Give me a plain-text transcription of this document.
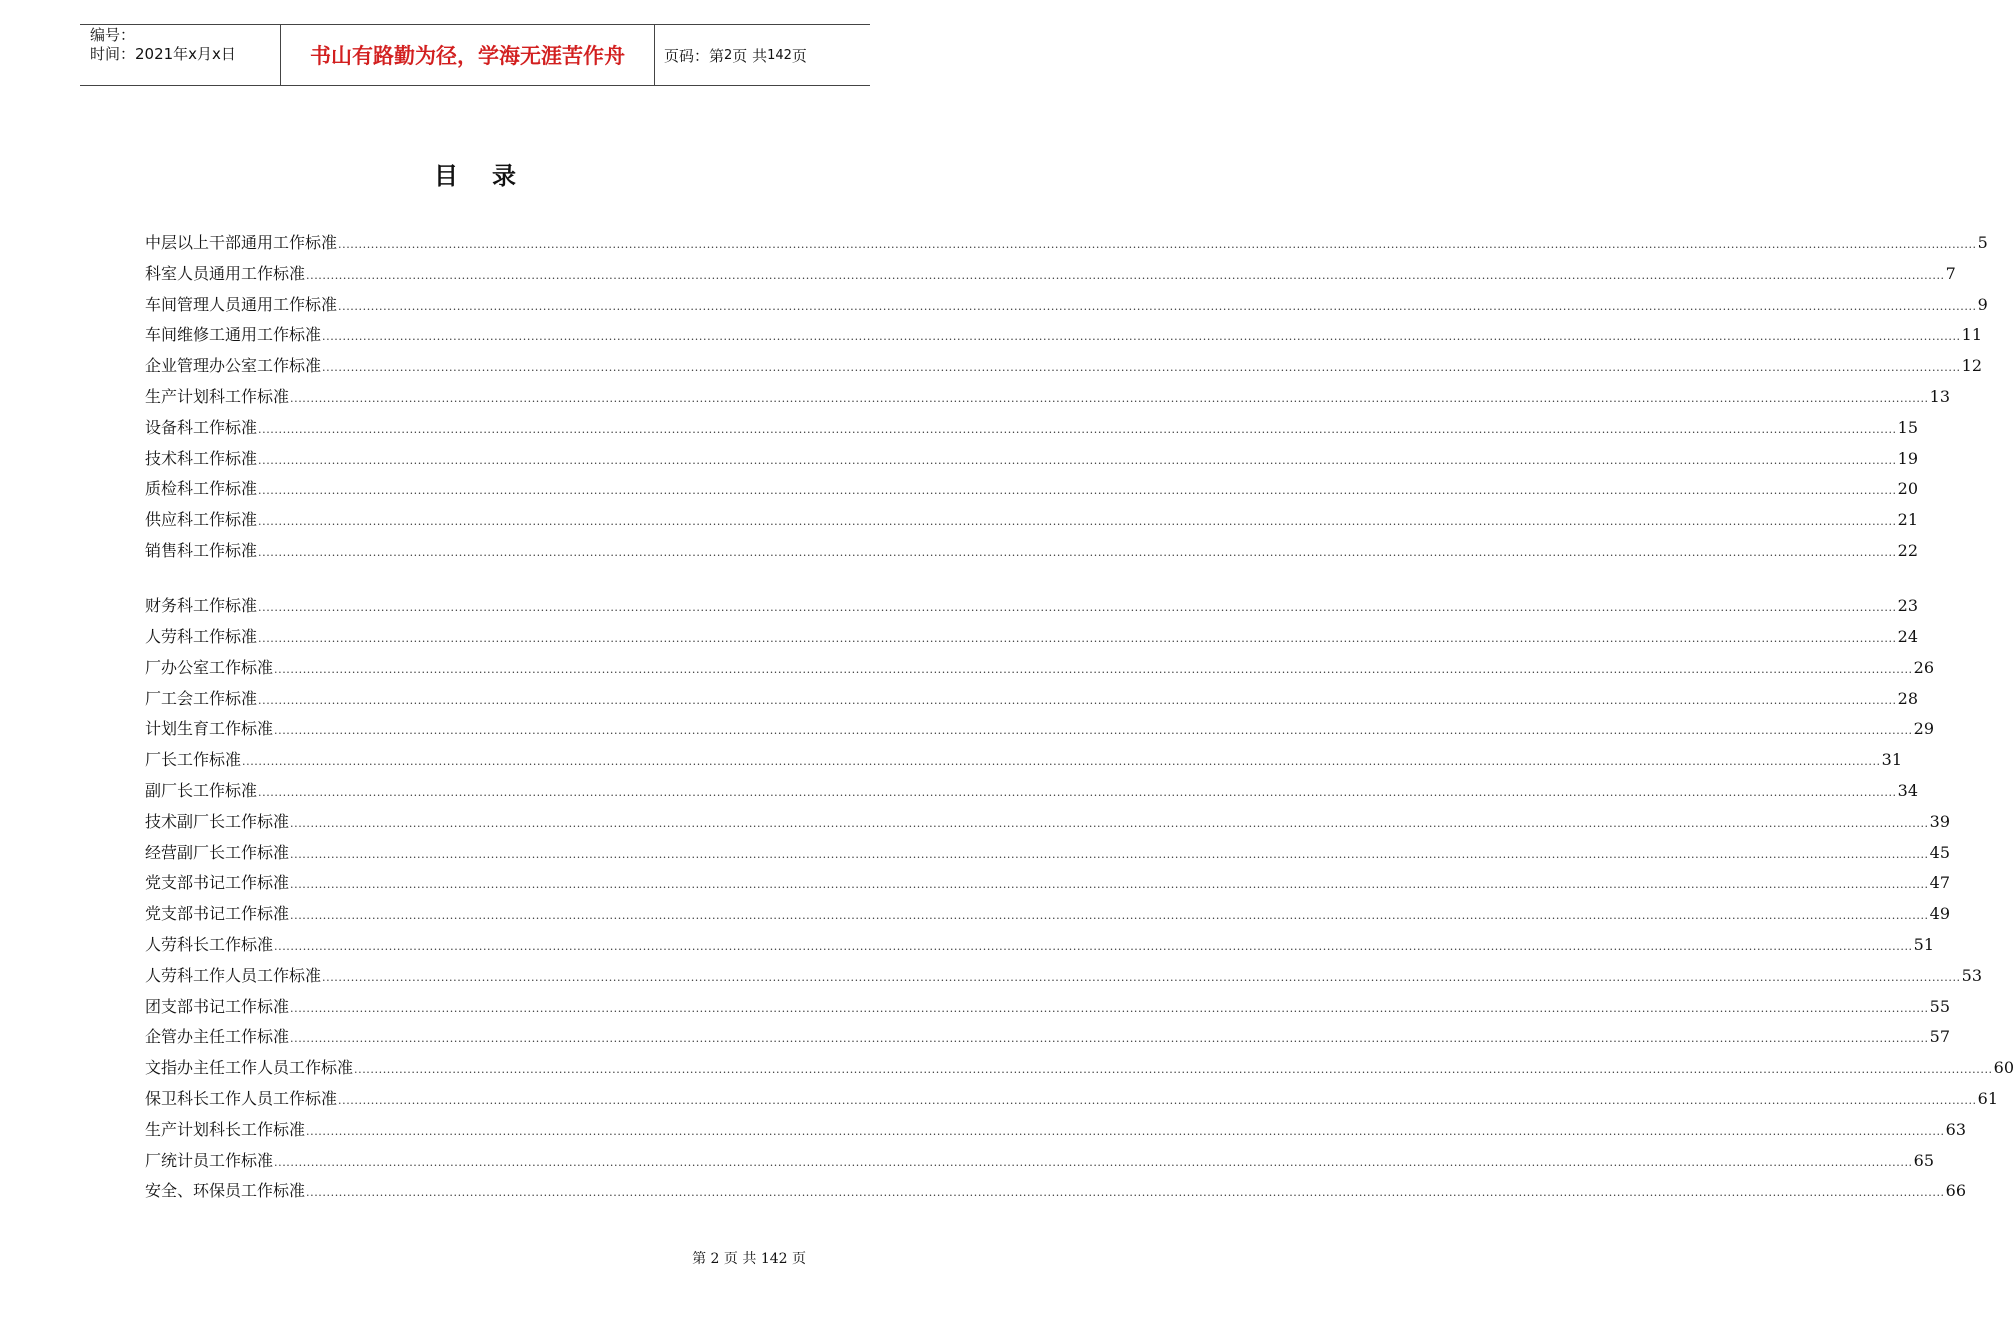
编号：
时间：2021年x月x日	书山有路勤为径，学海无涯苦作舟	页码：第 2 页 共 142 页
目录
中层以上干部通用工作标准 ................................................................................................................................................................................................................................................................................................................................................................................................................ 5
科室人员通用工作标准 ................................................................................................................................................................................................................................................................................................................................................................................................................ 7
车间管理人员通用工作标准 ................................................................................................................................................................................................................................................................................................................................................................................................................ 9
车间维修工通用工作标准 ................................................................................................................................................................................................................................................................................................................................................................................................................ 11
企业管理办公室工作标准 ................................................................................................................................................................................................................................................................................................................................................................................................................ 12
生产计划科工作标准 ................................................................................................................................................................................................................................................................................................................................................................................................................ 13
设备科工作标准 ................................................................................................................................................................................................................................................................................................................................................................................................................ 15
技术科工作标准 ................................................................................................................................................................................................................................................................................................................................................................................................................ 19
质检科工作标准 ................................................................................................................................................................................................................................................................................................................................................................................................................ 20
供应科工作标准 ................................................................................................................................................................................................................................................................................................................................................................................................................ 21
销售科工作标准 ................................................................................................................................................................................................................................................................................................................................................................................................................ 22
财务科工作标准 ................................................................................................................................................................................................................................................................................................................................................................................................................ 23
人劳科工作标准 ................................................................................................................................................................................................................................................................................................................................................................................................................ 24
厂办公室工作标准 ................................................................................................................................................................................................................................................................................................................................................................................................................ 26
厂工会工作标准 ................................................................................................................................................................................................................................................................................................................................................................................................................ 28
计划生育工作标准 ................................................................................................................................................................................................................................................................................................................................................................................................................ 29
厂长工作标准 ................................................................................................................................................................................................................................................................................................................................................................................................................ 31
副厂长工作标准 ................................................................................................................................................................................................................................................................................................................................................................................................................ 34
技术副厂长工作标准 ................................................................................................................................................................................................................................................................................................................................................................................................................ 39
经营副厂长工作标准 ................................................................................................................................................................................................................................................................................................................................................................................................................ 45
党支部书记工作标准 ................................................................................................................................................................................................................................................................................................................................................................................................................ 47
党支部书记工作标准 ................................................................................................................................................................................................................................................................................................................................................................................................................ 49
人劳科长工作标准 ................................................................................................................................................................................................................................................................................................................................................................................................................ 51
人劳科工作人员工作标准 ................................................................................................................................................................................................................................................................................................................................................................................................................ 53
团支部书记工作标准 ................................................................................................................................................................................................................................................................................................................................................................................................................ 55
企管办主任工作标准 ................................................................................................................................................................................................................................................................................................................................................................................................................ 57
文指办主任工作人员工作标准 ................................................................................................................................................................................................................................................................................................................................................................................................................ 60
保卫科长工作人员工作标准 ................................................................................................................................................................................................................................................................................................................................................................................................................ 61
生产计划科长工作标准 ................................................................................................................................................................................................................................................................................................................................................................................................................ 63
厂统计员工作标准 ................................................................................................................................................................................................................................................................................................................................................................................................................ 65
安全、环保员工作标准 ................................................................................................................................................................................................................................................................................................................................................................................................................ 66
第 2 页 共 142 页
